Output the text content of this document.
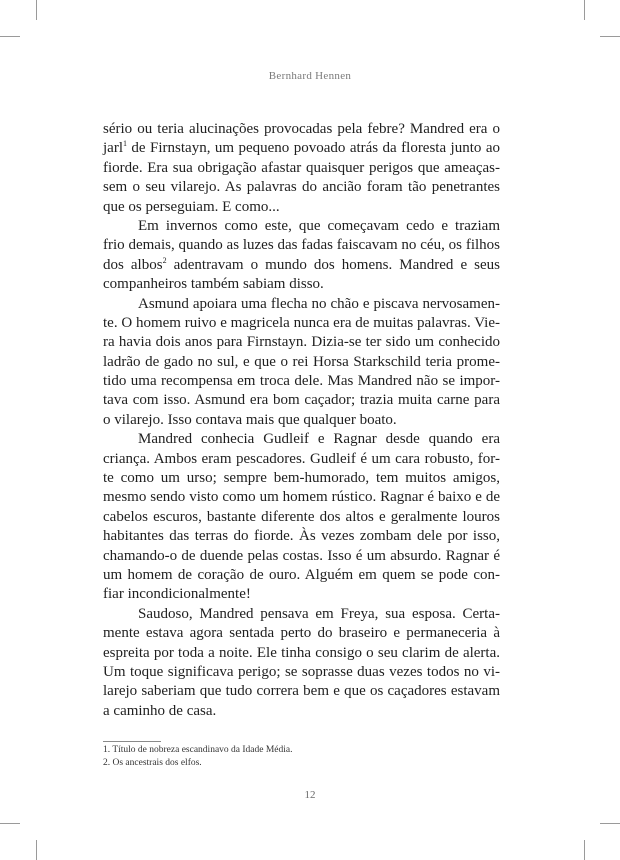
Bernhard Hennen
sério ou teria alucinações provocadas pela febre? Mandred era o
jarl$^1$ de Firnstayn, um pequeno povoado atrás da floresta junto ao
fiorde. Era sua obrigação afastar quaisquer perigos que ameaças-
sem o seu vilarejo. As palavras do ancião foram tão penetrantes
que os perseguiam. E como...
Em invernos como este, que começavam cedo e traziam
frio demais, quando as luzes das fadas faiscavam no céu, os filhos
dos albos$^2$ adentravam o mundo dos homens. Mandred e seus
companheiros também sabiam disso.
Asmund apoiara uma flecha no chão e piscava nervosamen-
te. O homem ruivo e magricela nunca era de muitas palavras. Vie-
ra havia dois anos para Firnstayn. Dizia-se ter sido um conhecido
ladrão de gado no sul, e que o rei Horsa Starkschild teria prome-
tido uma recompensa em troca dele. Mas Mandred não se impor-
tava com isso. Asmund era bom caçador; trazia muita carne para
o vilarejo. Isso contava mais que qualquer boato.
Mandred conhecia Gudleif e Ragnar desde quando era
criança. Ambos eram pescadores. Gudleif é um cara robusto, for-
te como um urso; sempre bem-humorado, tem muitos amigos,
mesmo sendo visto como um homem rústico. Ragnar é baixo e de
cabelos escuros, bastante diferente dos altos e geralmente louros
habitantes das terras do fiorde. Às vezes zombam dele por isso,
chamando-o de duende pelas costas. Isso é um absurdo. Ragnar é
um homem de coração de ouro. Alguém em quem se pode con-
fiar incondicionalmente!
Saudoso, Mandred pensava em Freya, sua esposa. Certa-
mente estava agora sentada perto do braseiro e permaneceria à
espreita por toda a noite. Ele tinha consigo o seu clarim de alerta.
Um toque significava perigo; se soprasse duas vezes todos no vi-
larejo saberiam que tudo correra bem e que os caçadores estavam
a caminho de casa.
1. Título de nobreza escandinavo da Idade Média.
2. Os ancestrais dos elfos.
12
